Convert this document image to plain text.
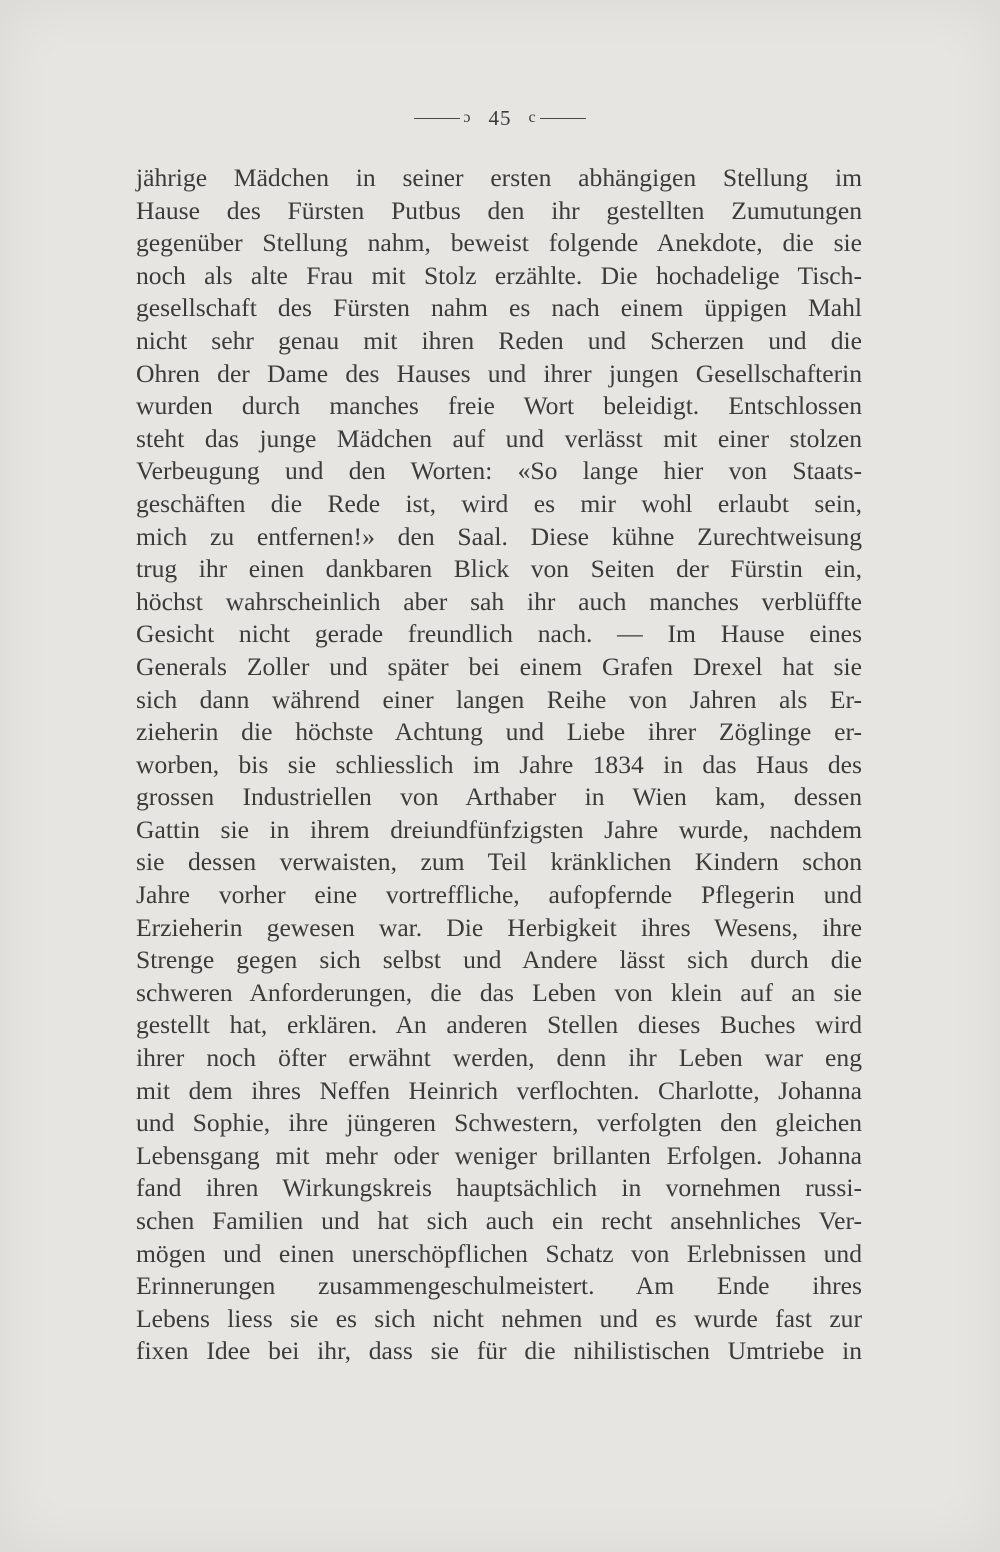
ɔ 45 c
jährige Mädchen in seiner ersten abhängigen Stellung im
Hause des Fürsten Putbus den ihr gestellten Zumutungen
gegenüber Stellung nahm, beweist folgende Anekdote, die sie
noch als alte Frau mit Stolz erzählte. Die hochadelige Tisch-
gesellschaft des Fürsten nahm es nach einem üppigen Mahl
nicht sehr genau mit ihren Reden und Scherzen und die
Ohren der Dame des Hauses und ihrer jungen Gesellschafterin
wurden durch manches freie Wort beleidigt. Entschlossen
steht das junge Mädchen auf und verlässt mit einer stolzen
Verbeugung und den Worten: «So lange hier von Staats-
geschäften die Rede ist, wird es mir wohl erlaubt sein,
mich zu entfernen!» den Saal. Diese kühne Zurechtweisung
trug ihr einen dankbaren Blick von Seiten der Fürstin ein,
höchst wahrscheinlich aber sah ihr auch manches verblüffte
Gesicht nicht gerade freundlich nach. — Im Hause eines
Generals Zoller und später bei einem Grafen Drexel hat sie
sich dann während einer langen Reihe von Jahren als Er-
zieherin die höchste Achtung und Liebe ihrer Zöglinge er-
worben, bis sie schliesslich im Jahre 1834 in das Haus des
grossen Industriellen von Arthaber in Wien kam, dessen
Gattin sie in ihrem dreiundfünfzigsten Jahre wurde, nachdem
sie dessen verwaisten, zum Teil kränklichen Kindern schon
Jahre vorher eine vortreffliche, aufopfernde Pflegerin und
Erzieherin gewesen war. Die Herbigkeit ihres Wesens, ihre
Strenge gegen sich selbst und Andere lässt sich durch die
schweren Anforderungen, die das Leben von klein auf an sie
gestellt hat, erklären. An anderen Stellen dieses Buches wird
ihrer noch öfter erwähnt werden, denn ihr Leben war eng
mit dem ihres Neffen Heinrich verflochten. Charlotte, Johanna
und Sophie, ihre jüngeren Schwestern, verfolgten den gleichen
Lebensgang mit mehr oder weniger brillanten Erfolgen. Johanna
fand ihren Wirkungskreis hauptsächlich in vornehmen russi-
schen Familien und hat sich auch ein recht ansehnliches Ver-
mögen und einen unerschöpflichen Schatz von Erlebnissen und
Erinnerungen zusammengeschulmeistert. Am Ende ihres
Lebens liess sie es sich nicht nehmen und es wurde fast zur
fixen Idee bei ihr, dass sie für die nihilistischen Umtriebe in
